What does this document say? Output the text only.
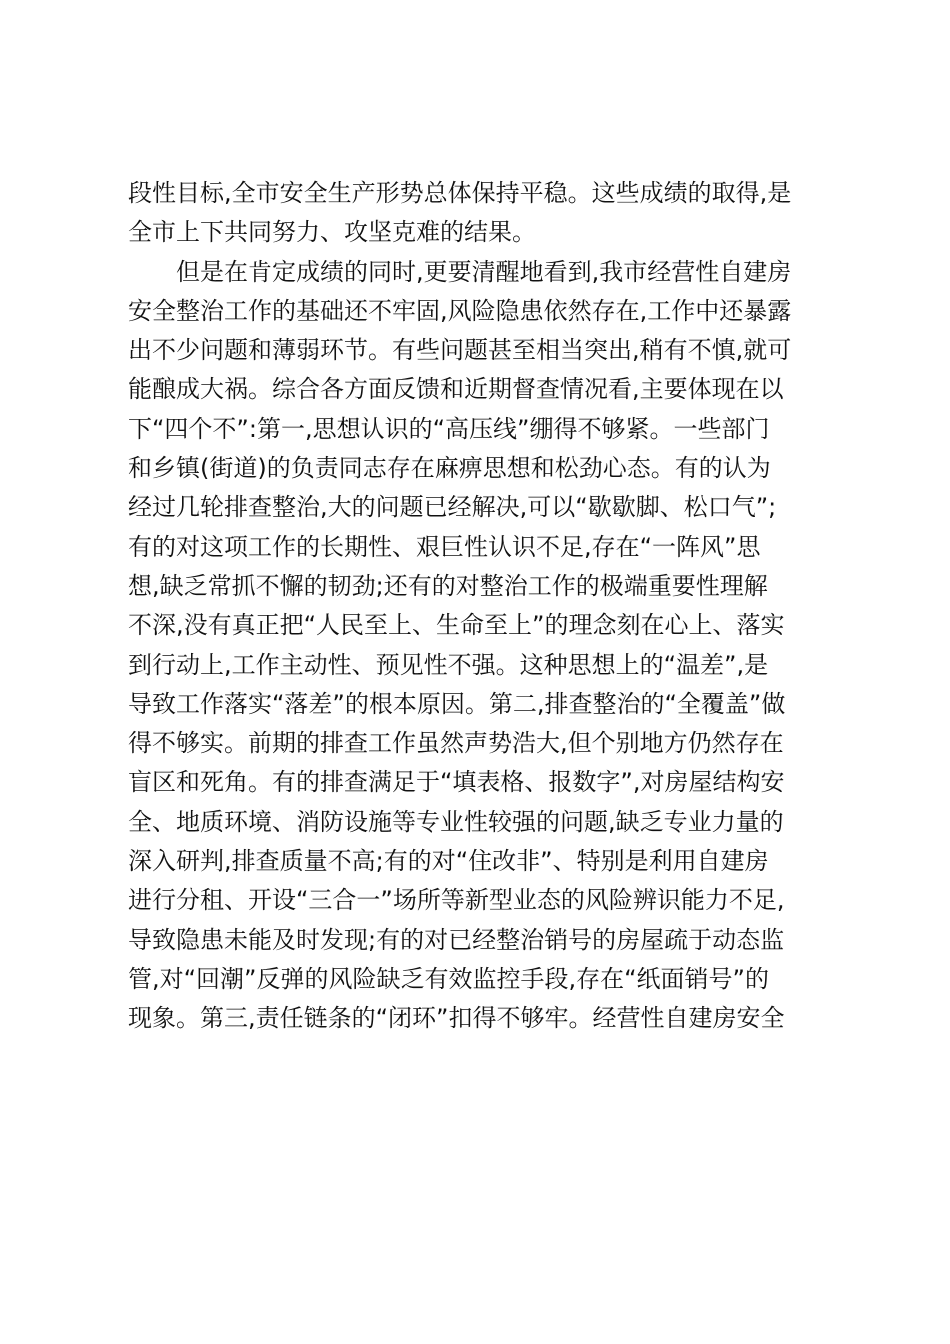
段性目标,全市安全生产形势总体保持平稳。这些成绩的取得,是
全市上下共同努力、攻坚克难的结果。
但是在肯定成绩的同时,更要清醒地看到,我市经营性自建房
安全整治工作的基础还不牢固,风险隐患依然存在,工作中还暴露
出不少问题和薄弱环节。有些问题甚至相当突出,稍有不慎,就可
能酿成大祸。综合各方面反馈和近期督查情况看,主要体现在以
下“四个不”:第一,思想认识的“高压线”绷得不够紧。一些部门
和乡镇(街道)的负责同志存在麻痹思想和松劲心态。有的认为
经过几轮排查整治,大的问题已经解决,可以“歇歇脚、松口气”;
有的对这项工作的长期性、艰巨性认识不足,存在“一阵风”思
想,缺乏常抓不懈的韧劲;还有的对整治工作的极端重要性理解
不深,没有真正把“人民至上、生命至上”的理念刻在心上、落实
到行动上,工作主动性、预见性不强。这种思想上的“温差”,是
导致工作落实“落差”的根本原因。第二,排查整治的“全覆盖”做
得不够实。前期的排查工作虽然声势浩大,但个别地方仍然存在
盲区和死角。有的排查满足于“填表格、报数字”,对房屋结构安
全、地质环境、消防设施等专业性较强的问题,缺乏专业力量的
深入研判,排查质量不高;有的对“住改非”、特别是利用自建房
进行分租、开设“三合一”场所等新型业态的风险辨识能力不足,
导致隐患未能及时发现;有的对已经整治销号的房屋疏于动态监
管,对“回潮”反弹的风险缺乏有效监控手段,存在“纸面销号”的
现象。第三,责任链条的“闭环”扣得不够牢。经营性自建房安全
